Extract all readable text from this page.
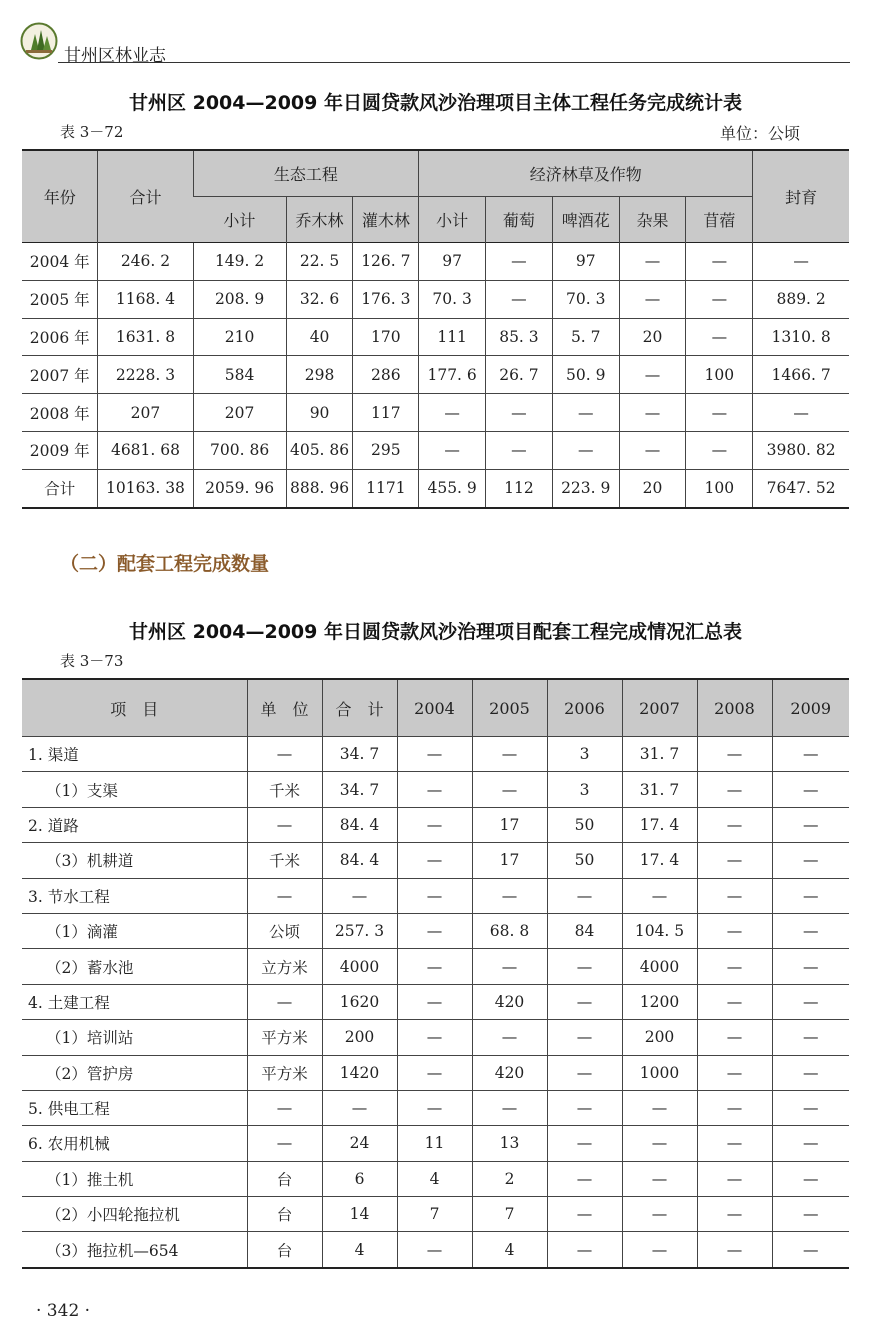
甘州区林业志
甘州区 2004—2009 年日圆贷款风沙治理项目主体工程任务完成统计表
表 3－72	单位：公顷
年份	合计	生态工程			经济林草及作物					封育
		小计	乔木林	灌木林	小计	葡萄	啤酒花	杂果	苜蓿	
2004 年	246. 2	149. 2	22. 5	126. 7	97	—	97	—	—	—
2005 年	1168. 4	208. 9	32. 6	176. 3	70. 3	—	70. 3	—	—	889. 2
2006 年	1631. 8	210	40	170	111	85. 3	5. 7	20	—	1310. 8
2007 年	2228. 3	584	298	286	177. 6	26. 7	50. 9	—	100	1466. 7
2008 年	207	207	90	117	—	—	—	—	—	—
2009 年	4681. 68	700. 86	405. 86	295	—	—	—	—	—	3980. 82
合计	10163. 38	2059. 96	888. 96	1171	455. 9	112	223. 9	20	100	7647. 52
（二）配套工程完成数量
甘州区 2004—2009 年日圆贷款风沙治理项目配套工程完成情况汇总表
表 3－73
项　目	单　位	合　计	2004	2005	2006	2007	2008	2009
1. 渠道	—	34. 7	—	—	3	31. 7	—	—
（1）支渠	千米	34. 7	—	—	3	31. 7	—	—
2. 道路	—	84. 4	—	17	50	17. 4	—	—
（3）机耕道	千米	84. 4	—	17	50	17. 4	—	—
3. 节水工程	—	—	—	—	—	—	—	—
（1）滴灌	公顷	257. 3	—	68. 8	84	104. 5	—	—
（2）蓄水池	立方米	4000	—	—	—	4000	—	—
4. 土建工程	—	1620	—	420	—	1200	—	—
（1）培训站	平方米	200	—	—	—	200	—	—
（2）管护房	平方米	1420	—	420	—	1000	—	—
5. 供电工程	—	—	—	—	—	—	—	—
6. 农用机械	—	24	11	13	—	—	—	—
（1）推土机	台	6	4	2	—	—	—	—
（2）小四轮拖拉机	台	14	7	7	—	—	—	—
（3）拖拉机—654	台	4	—	4	—	—	—	—
· 342 ·
